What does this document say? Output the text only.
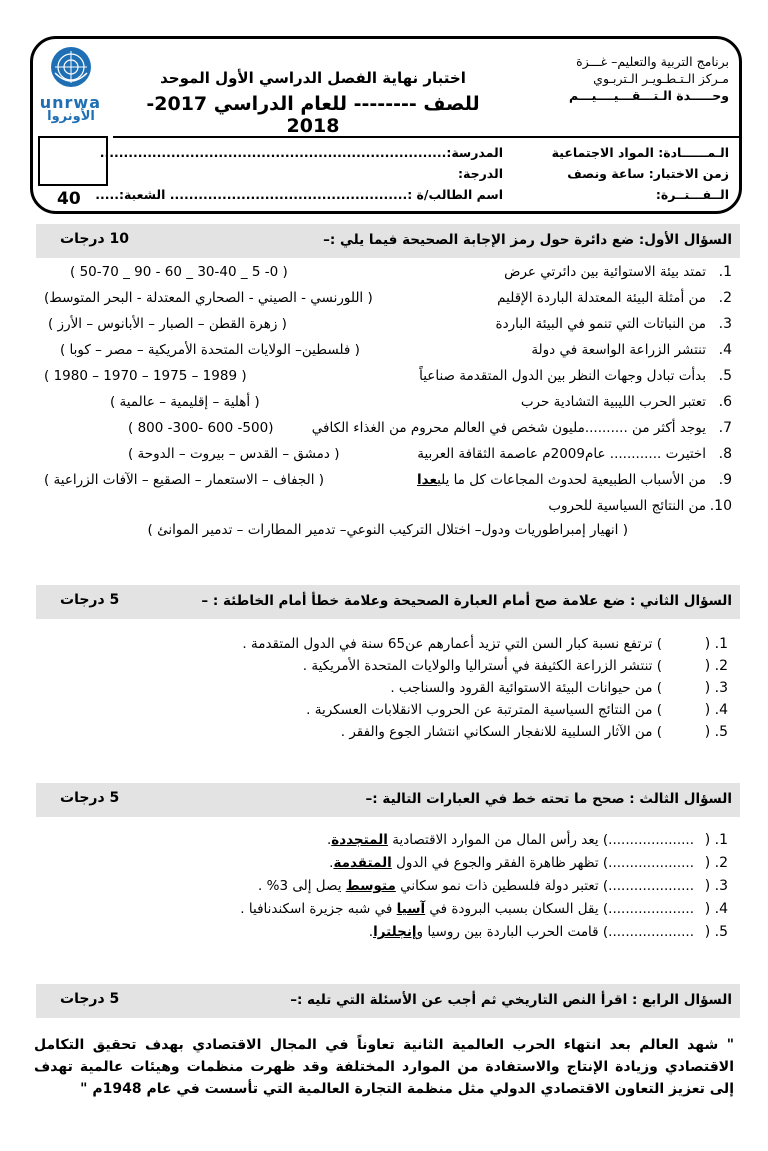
برنامج التربية والتعليم– غـــزة
مـركز الـتـطـويـر الـتربـوي
وحـــــدة الـتـــقـــيــــيـــم
اختبار نهاية الفصل الدراسي الأول الموحد
للصف -------- للعام الدراسي 2017-2018
unrwa
الأونروا
40
الـمــــــادة: المواد الاجتماعية
زمن الاختبار: ساعة ونصف
الــفـــتــرة:
المدرسة:.........................................................................
الدرجة:
اسم الطالب/ة :.................................................. الشعبة:.....
السؤال الأول: ضع دائرة حول رمز الإجابة الصحيحة فيما يلي :–
10 درجات
1.
تمتد بيئة الاستوائية بين دائرتي عرض
( 0- 5 _ 30-40 _ 60 - 90 _ 50-70 )
2.
من أمثلة البيئة المعتدلة الباردة الإقليم
( اللورنسي - الصيني - الصحاري المعتدلة - البحر المتوسط)
3.
من النباتات التي تنمو في البيئة الباردة
( زهرة القطن – الصبار – الأبانوس – الأرز )
4.
تنتشر الزراعة الواسعة في دولة
( فلسطين– الولايات المتحدة الأمريكية – مصر – كوبا )
5.
بدأت تبادل وجهات النظر بين الدول المتقدمة صناعياً
( 1989 – 1975 – 1970 – 1980 )
6.
تعتبر الحرب الليبية التشادية حرب
( أهلية – إقليمية – عالمية )
7.
يوجد أكثر من ..........مليون شخص في العالم محروم من الغذاء الكافي
(500- 600 -300- 800 )
8.
اختيرت ............ عام2009م عاصمة الثقافة العربية
( دمشق – القدس – بيروت – الدوحة )
9.
من الأسباب الطبيعية لحدوث المجاعات كل ما يليعدا
( الجفاف – الاستعمار – الصقيع – الآفات الزراعية )
10.
من النتائج السياسية للحروب
( انهيار إمبراطوريات ودول– اختلال التركيب النوعي– تدمير المطارات – تدمير الموانئ )
السؤال الثاني : ضع علامة صح أمام العبارة الصحيحة وعلامة خطأ أمام الخاطئة : –
5 درجات
1. (
) ترتفع نسبة كبار السن التي تزيد أعمارهم عن65 سنة في الدول المتقدمة .
2. (
) تنتشر الزراعة الكثيفة في أستراليا والولايات المتحدة الأمريكية .
3. (
) من حيوانات البيئة الاستوائية القرود والسناجب .
4. (
) من النتائج السياسية المترتبة عن الحروب الانقلابات العسكرية .
5. (
) من الآثار السلبية للانفجار السكاني انتشار الجوع والفقر .
السؤال الثالث : صحح ما تحته خط في العبارات التالية :–
5 درجات
1. (
....................) يعد رأس المال من الموارد الاقتصادية المتجددة.
2. (
....................) تظهر ظاهرة الفقر والجوع في الدول المتقدمة.
3. (
....................) تعتبر دولة فلسطين ذات نمو سكاني متوسط يصل إلى 3% .
4. (
....................) يقل السكان بسبب البرودة في آسيا في شبه جزيرة اسكندنافيا .
5. (
....................) قامت الحرب الباردة بين روسيا وإنجلترا.
السؤال الرابع : اقرأ النص التاريخي ثم أجب عن الأسئلة التي تليه :–
5 درجات
" شهد العالم بعد انتهاء الحرب العالمية الثانية تعاوناً في المجال الاقتصادي بهدف تحقيق التكامل الاقتصادي وزيادة الإنتاج والاستفادة من الموارد المختلفة وقد ظهرت منظمات وهيئات عالمية تهدف إلى تعزيز التعاون الاقتصادي الدولي مثل منظمة التجارة العالمية التي تأسست في عام 1948م "
